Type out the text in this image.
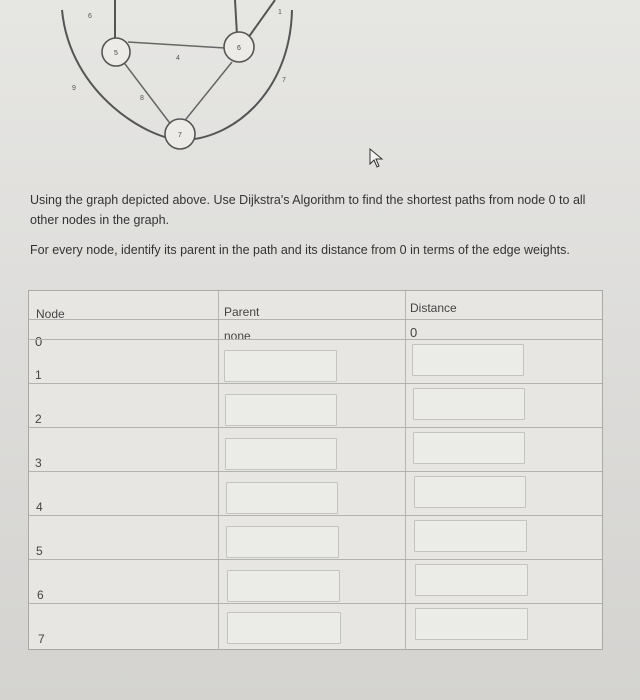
5
6
7
6
4
1
9
8
7
Using the graph depicted above. Use Dijkstra's Algorithm to find the shortest paths from node 0 to all other nodes in the graph.
For every node, identify its parent in the path and its distance from 0 in terms of the edge weights.
Node	Parent	Distance
0	none	0
1
2
3
4
5
6
7
